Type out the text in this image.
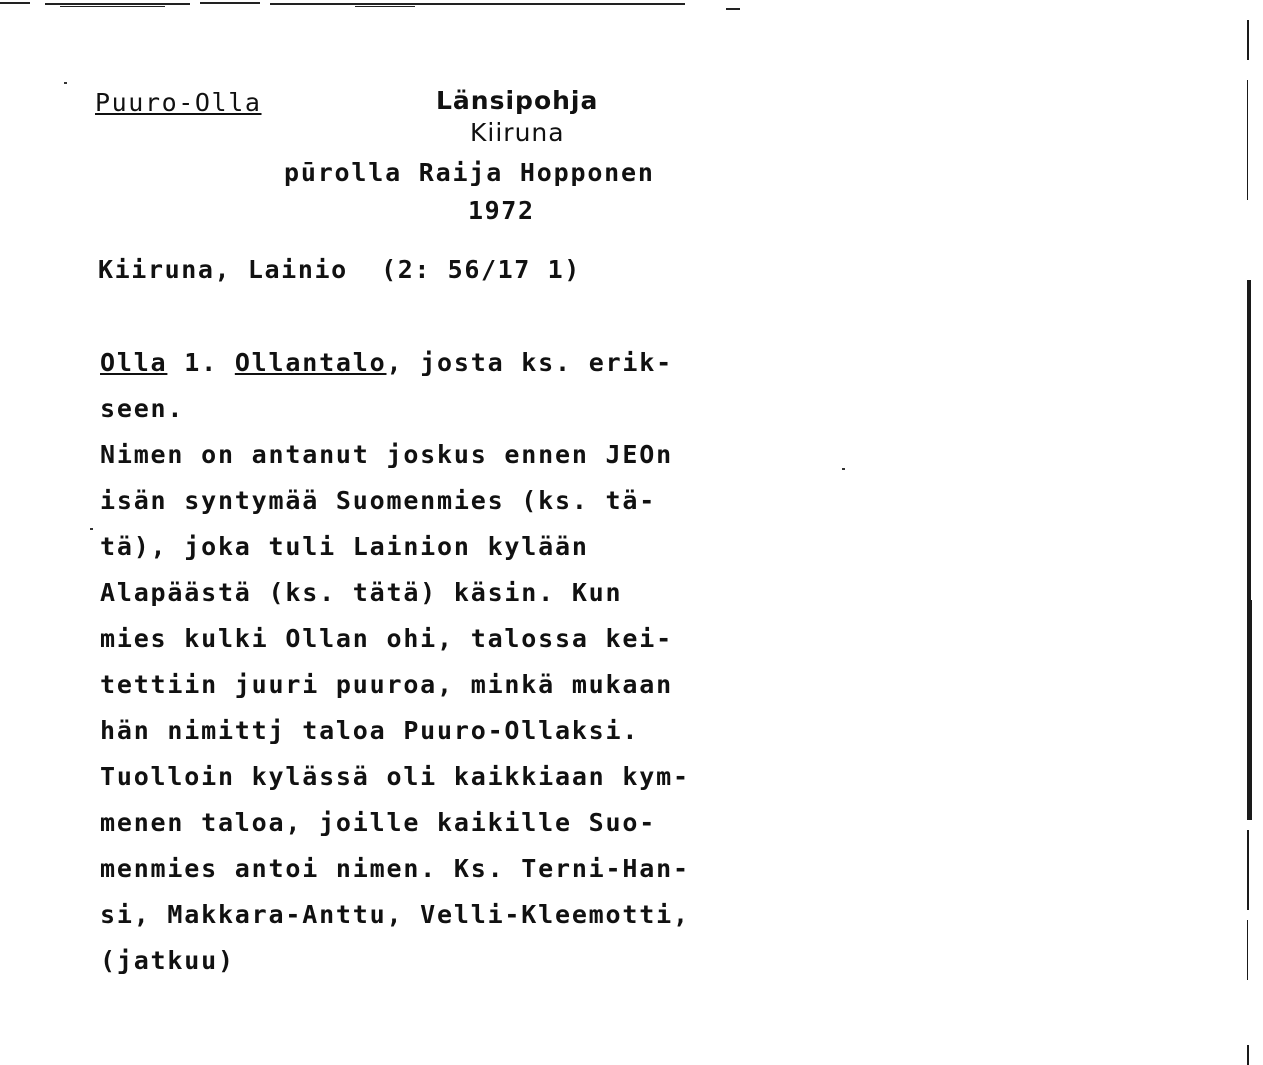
Puuro-Olla	Länsipohja
Kiiruna
pūrolla Raija Hopponen
1972
Kiiruna, Lainio  (2: 56/17 1)
Olla 1. Ollantalo, josta ks. erik-
seen.
Nimen on antanut joskus ennen JEOn
isän syntymää Suomenmies (ks. tä-
tä), joka tuli Lainion kylään
Alapäästä (ks. tätä) käsin. Kun
mies kulki Ollan ohi, talossa kei-
tettiin juuri puuroa, minkä mukaan
hän nimittj taloa Puuro-Ollaksi.
Tuolloin kylässä oli kaikkiaan kym-
menen taloa, joille kaikille Suo-
menmies antoi nimen. Ks. Terni-Han-
si, Makkara-Anttu, Velli-Kleemotti,
(jatkuu)
